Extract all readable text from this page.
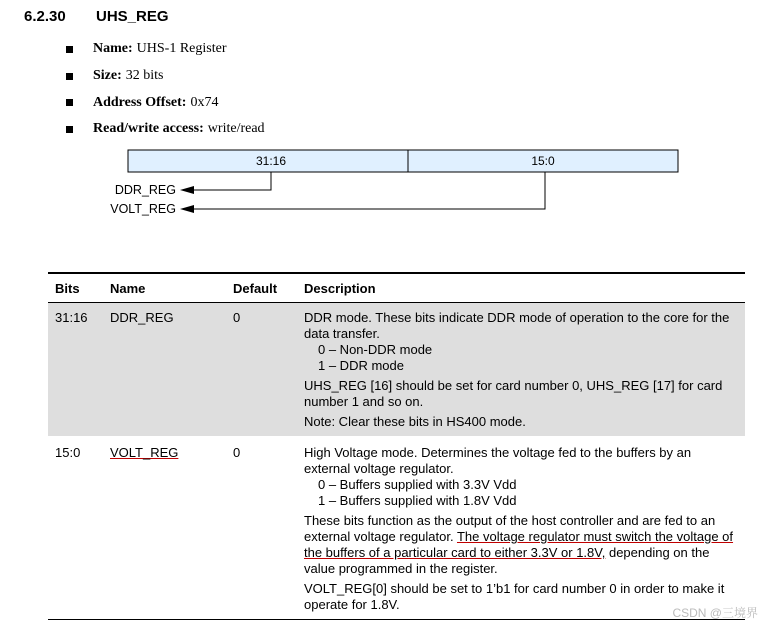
6.2.30 UHS_REG
Name: UHS-1 Register
Size: 32 bits
Address Offset: 0x74
Read/write access: write/read
31:16	15:0
DDR_REG
VOLT_REG
Bits	Name	Default	Description
31:16	DDR_REG	0	DDR mode. These bits indicate DDR mode of operation to the core for the data transfer.
0 – Non-DDR mode
1 – DDR mode
UHS_REG [16] should be set for card number 0, UHS_REG [17] for card number 1 and so on.
Note: Clear these bits in HS400 mode.

15:0	VOLT_REG	0	High Voltage mode. Determines the voltage fed to the buffers by an external voltage regulator.
0 – Buffers supplied with 3.3V Vdd
1 – Buffers supplied with 1.8V Vdd
These bits function as the output of the host controller and are fed to an external voltage regulator. The voltage regulator must switch the voltage of the buffers of a particular card to either 3.3V or 1.8V, depending on the value programmed in the register.
VOLT_REG[0] should be set to 1’b1 for card number 0 in order to make it operate for 1.8V.
CSDN @三境界
